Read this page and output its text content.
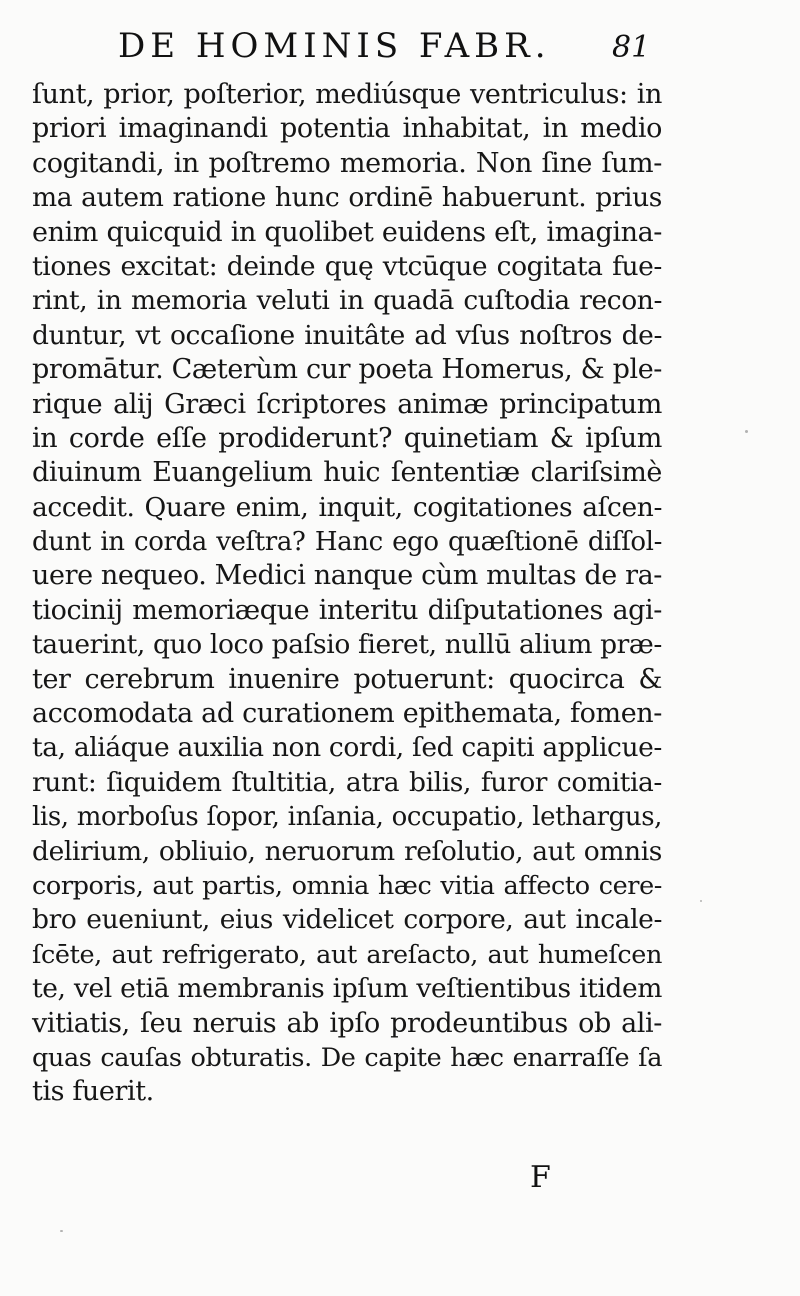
DE HOMINIS FABR.	81
ſunt, prior, poſterior, mediúsque ventriculus: in
priori imaginandi potentia inhabitat, in medio
cogitandi, in poſtremo memoria. Non ſine ſum-
ma autem ratione hunc ordinē habuerunt. prius
enim quicquid in quolibet euidens eſt, imagina-
tiones excitat: deinde quę vtcūque cogitata fue-
rint, in memoria veluti in quadā cuſtodia recon-
duntur, vt occaſione inuitâte ad vſus noſtros de-
promātur. Cæterùm cur poeta Homerus, & ple-
rique alij Græci ſcriptores animæ principatum
in corde eſſe prodiderunt? quinetiam & ipſum
diuinum Euangelium huic ſententiæ clariſsimè
accedit. Quare enim, inquit, cogitationes aſcen-
dunt in corda veſtra? Hanc ego quæſtionē diſſol-
uere nequeo. Medici nanque cùm multas de ra-
tiocinij memoriæque interitu diſputationes agi-
tauerint, quo loco paſsio fieret, nullū alium præ-
ter cerebrum inuenire potuerunt: quocirca &
accomodata ad curationem epithemata, fomen-
ta, aliáque auxilia non cordi, ſed capiti applicue-
runt: ſiquidem ſtultitia, atra bilis, furor comitia-
lis, morboſus ſopor, inſania, occupatio, lethargus,
delirium, obliuio, neruorum reſolutio, aut omnis
corporis, aut partis, omnia hæc vitia affecto cere-
bro eueniunt, eius videlicet corpore, aut incale-
ſcēte, aut refrigerato, aut areſacto, aut humeſcen
te, vel etiā membranis ipſum veſtientibus itidem
vitiatis, ſeu neruis ab ipſo prodeuntibus ob ali-
quas cauſas obturatis. De capite hæc enarraſſe ſa
tis fuerit.
F
